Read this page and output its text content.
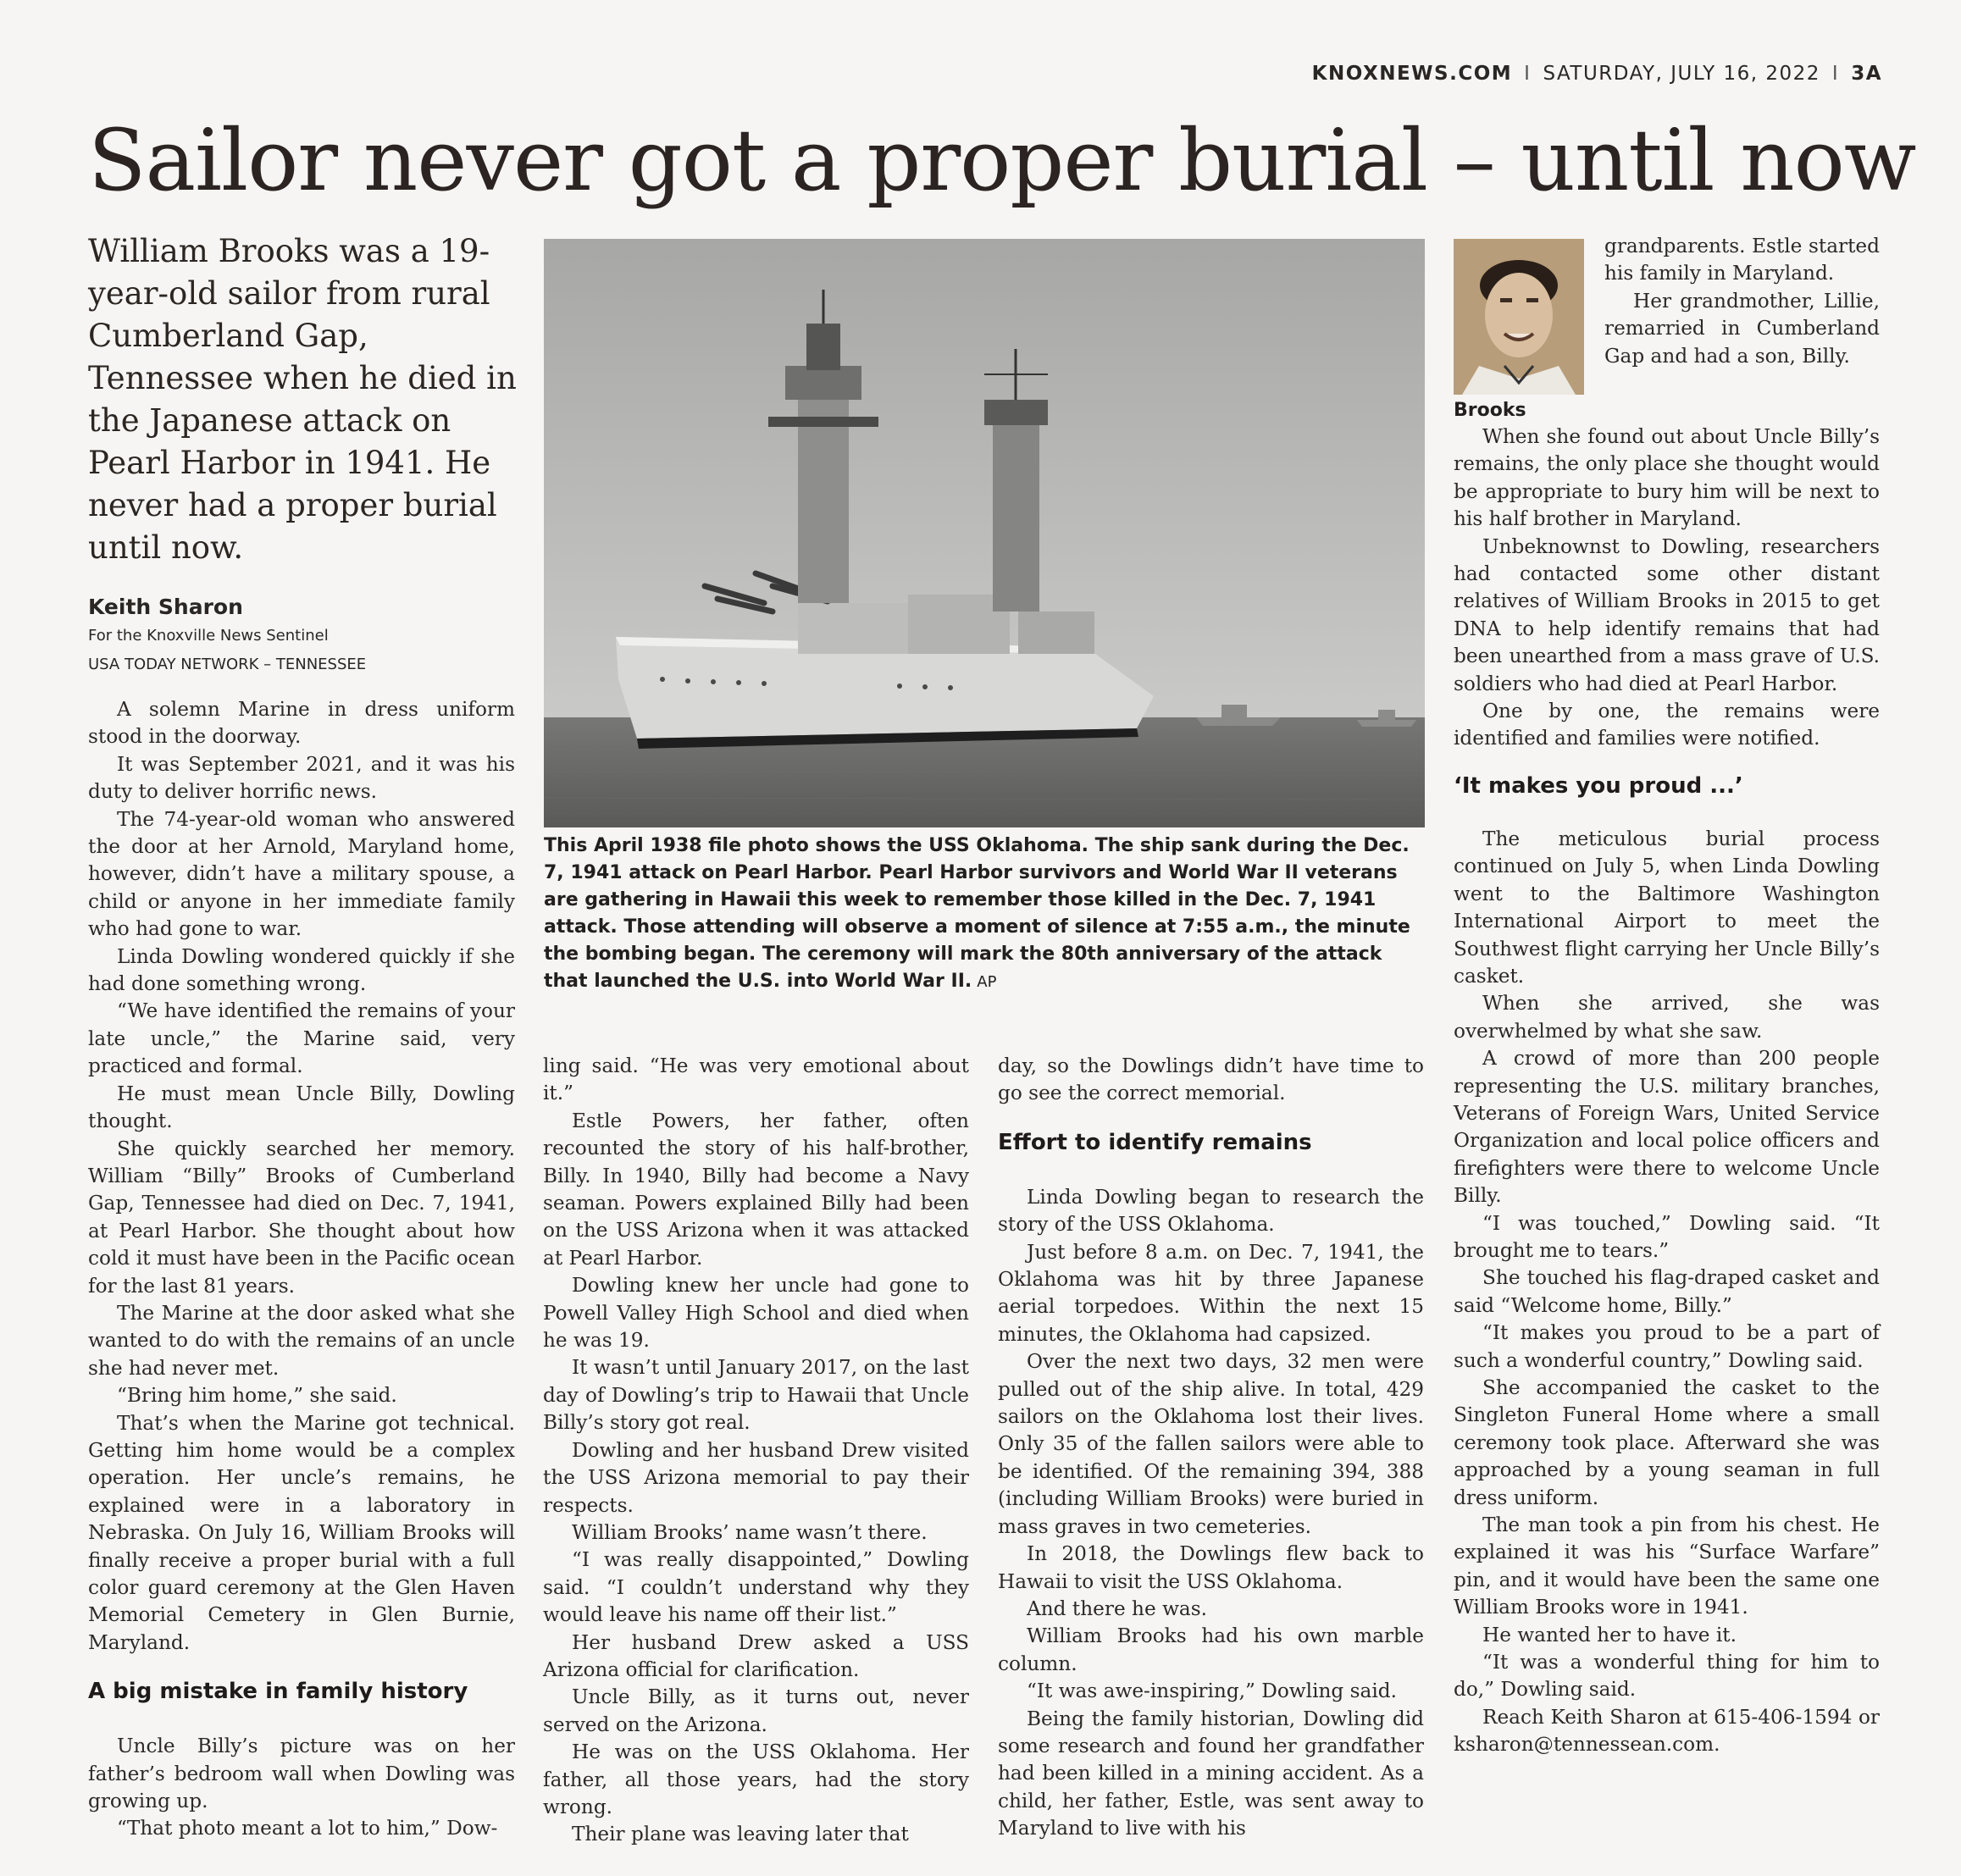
KNOXNEWS.COM I SATURDAY, JULY 16, 2022 I 3A
Sailor never got a proper burial – until now
William Brooks was a 19-year-old sailor from rural Cumberland Gap, Tennessee when he died in the Japanese attack on Pearl Harbor in 1941. He never had a proper burial until now.
Keith Sharon
For the Knoxville News Sentinel
USA TODAY NETWORK – TENNESSEE

A solemn Marine in dress uniform stood in the doorway.

It was September 2021, and it was his duty to deliver horrific news.

The 74-year-old woman who answered the door at her Arnold, Maryland home, however, didn’t have a military spouse, a child or anyone in her immediate family who had gone to war.

Linda Dowling wondered quickly if she had done something wrong.

“We have identified the remains of your late uncle,” the Marine said, very practiced and formal.

He must mean Uncle Billy, Dowling thought.

She quickly searched her memory. William “Billy” Brooks of Cumberland Gap, Tennessee had died on Dec. 7, 1941, at Pearl Harbor. She thought about how cold it must have been in the Pacific ocean for the last 81 years.

The Marine at the door asked what she wanted to do with the remains of an uncle she had never met.

“Bring him home,” she said.

That’s when the Marine got technical. Getting him home would be a complex operation. Her uncle’s remains, he explained were in a laboratory in Nebraska. On July 16, William Brooks will finally receive a proper burial with a full color guard ceremony at the Glen Haven Memorial Cemetery in Glen Burnie, Maryland.

A big mistake in family history

Uncle Billy’s picture was on her father’s bedroom wall when Dowling was growing up.

“That photo meant a lot to him,” Dow-

This April 1938 file photo shows the USS Oklahoma. The ship sank during the Dec. 7, 1941 attack on Pearl Harbor. Pearl Harbor survivors and World War II veterans are gathering in Hawaii this week to remember those killed in the Dec. 7, 1941 attack. Those attending will observe a moment of silence at 7:55 a.m., the minute the bombing began. The ceremony will mark the 80th anniversary of the attack that launched the U.S. into World War II. AP

ling said. “He was very emotional about it.”

Estle Powers, her father, often recounted the story of his half-brother, Billy. In 1940, Billy had become a Navy seaman. Powers explained Billy had been on the USS Arizona when it was attacked at Pearl Harbor.

Dowling knew her uncle had gone to Powell Valley High School and died when he was 19.

It wasn’t until January 2017, on the last day of Dowling’s trip to Hawaii that Uncle Billy’s story got real.

Dowling and her husband Drew visited the USS Arizona memorial to pay their respects.

William Brooks’ name wasn’t there.

“I was really disappointed,” Dowling said. “I couldn’t understand why they would leave his name off their list.”

Her husband Drew asked a USS Arizona official for clarification.

Uncle Billy, as it turns out, never served on the Arizona.

He was on the USS Oklahoma. Her father, all those years, had the story wrong.

Their plane was leaving later that

day, so the Dowlings didn’t have time to go see the correct memorial.

Effort to identify remains

Linda Dowling began to research the story of the USS Oklahoma.

Just before 8 a.m. on Dec. 7, 1941, the Oklahoma was hit by three Japanese aerial torpedoes. Within the next 15 minutes, the Oklahoma had capsized.

Over the next two days, 32 men were pulled out of the ship alive. In total, 429 sailors on the Oklahoma lost their lives. Only 35 of the fallen sailors were able to be identified. Of the remaining 394, 388 (including William Brooks) were buried in mass graves in two cemeteries.

In 2018, the Dowlings flew back to Hawaii to visit the USS Oklahoma.

And there he was.

William Brooks had his own marble column.

“It was awe-inspiring,” Dowling said.

Being the family historian, Dowling did some research and found her grandfather had been killed in a mining accident. As a child, her father, Estle, was sent away to Maryland to live with his

Brooks

grandparents. Estle started his family in Maryland.

Her grandmother, Lillie, remarried in Cumberland Gap and had a son, Billy.

When she found out about Uncle Billy’s remains, the only place she thought would be appropriate to bury him will be next to his half brother in Maryland.

Unbeknownst to Dowling, researchers had contacted some other distant relatives of William Brooks in 2015 to get DNA to help identify remains that had been unearthed from a mass grave of U.S. soldiers who had died at Pearl Harbor.

One by one, the remains were identified and families were notified.

‘It makes you proud ...’

The meticulous burial process continued on July 5, when Linda Dowling went to the Baltimore Washington International Airport to meet the Southwest flight carrying her Uncle Billy’s casket.

When she arrived, she was overwhelmed by what she saw.

A crowd of more than 200 people representing the U.S. military branches, Veterans of Foreign Wars, United Service Organization and local police officers and firefighters were there to welcome Uncle Billy.

“I was touched,” Dowling said. “It brought me to tears.”

She touched his flag-draped casket and said “Welcome home, Billy.”

“It makes you proud to be a part of such a wonderful country,” Dowling said.

She accompanied the casket to the Singleton Funeral Home where a small ceremony took place. Afterward she was approached by a young seaman in full dress uniform.

The man took a pin from his chest. He explained it was his “Surface Warfare” pin, and it would have been the same one William Brooks wore in 1941.

He wanted her to have it.

“It was a wonderful thing for him to do,” Dowling said.

Reach Keith Sharon at 615-406-1594 or ksharon@tennessean.com.
